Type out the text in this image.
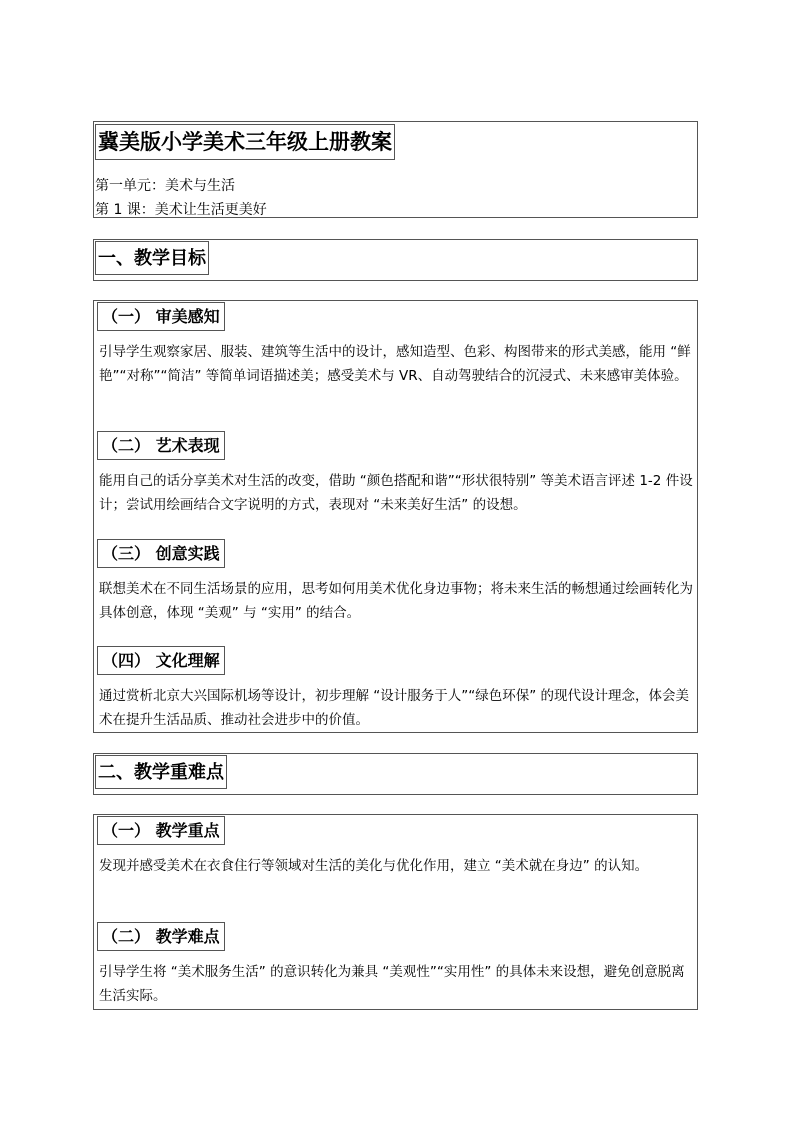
冀美版小学美术三年级上册教案

第一单元：美术与生活

第 1 课：美术让生活更美好

一、教学目标
（一） 审美感知

引导学生观察家居、服装、建筑等生活中的设计，感知造型、色彩、构图带来的形式美感，能用 “鲜艳”“对称”“简洁” 等简单词语描述美；感受美术与 VR、自动驾驶结合的沉浸式、未来感审美体验。

（二） 艺术表现

能用自己的话分享美术对生活的改变，借助 “颜色搭配和谐”“形状很特别” 等美术语言评述 1-2 件设计；尝试用绘画结合文字说明的方式，表现对 “未来美好生活” 的设想。

（三） 创意实践

联想美术在不同生活场景的应用，思考如何用美术优化身边事物；将未来生活的畅想通过绘画转化为具体创意，体现 “美观” 与 “实用” 的结合。

（四） 文化理解

通过赏析北京大兴国际机场等设计，初步理解 “设计服务于人”“绿色环保” 的现代设计理念，体会美术在提升生活品质、推动社会进步中的价值。

二、教学重难点
（一） 教学重点

发现并感受美术在衣食住行等领域对生活的美化与优化作用，建立 “美术就在身边” 的认知。

（二） 教学难点

引导学生将 “美术服务生活” 的意识转化为兼具 “美观性”“实用性” 的具体未来设想，避免创意脱离生活实际。
